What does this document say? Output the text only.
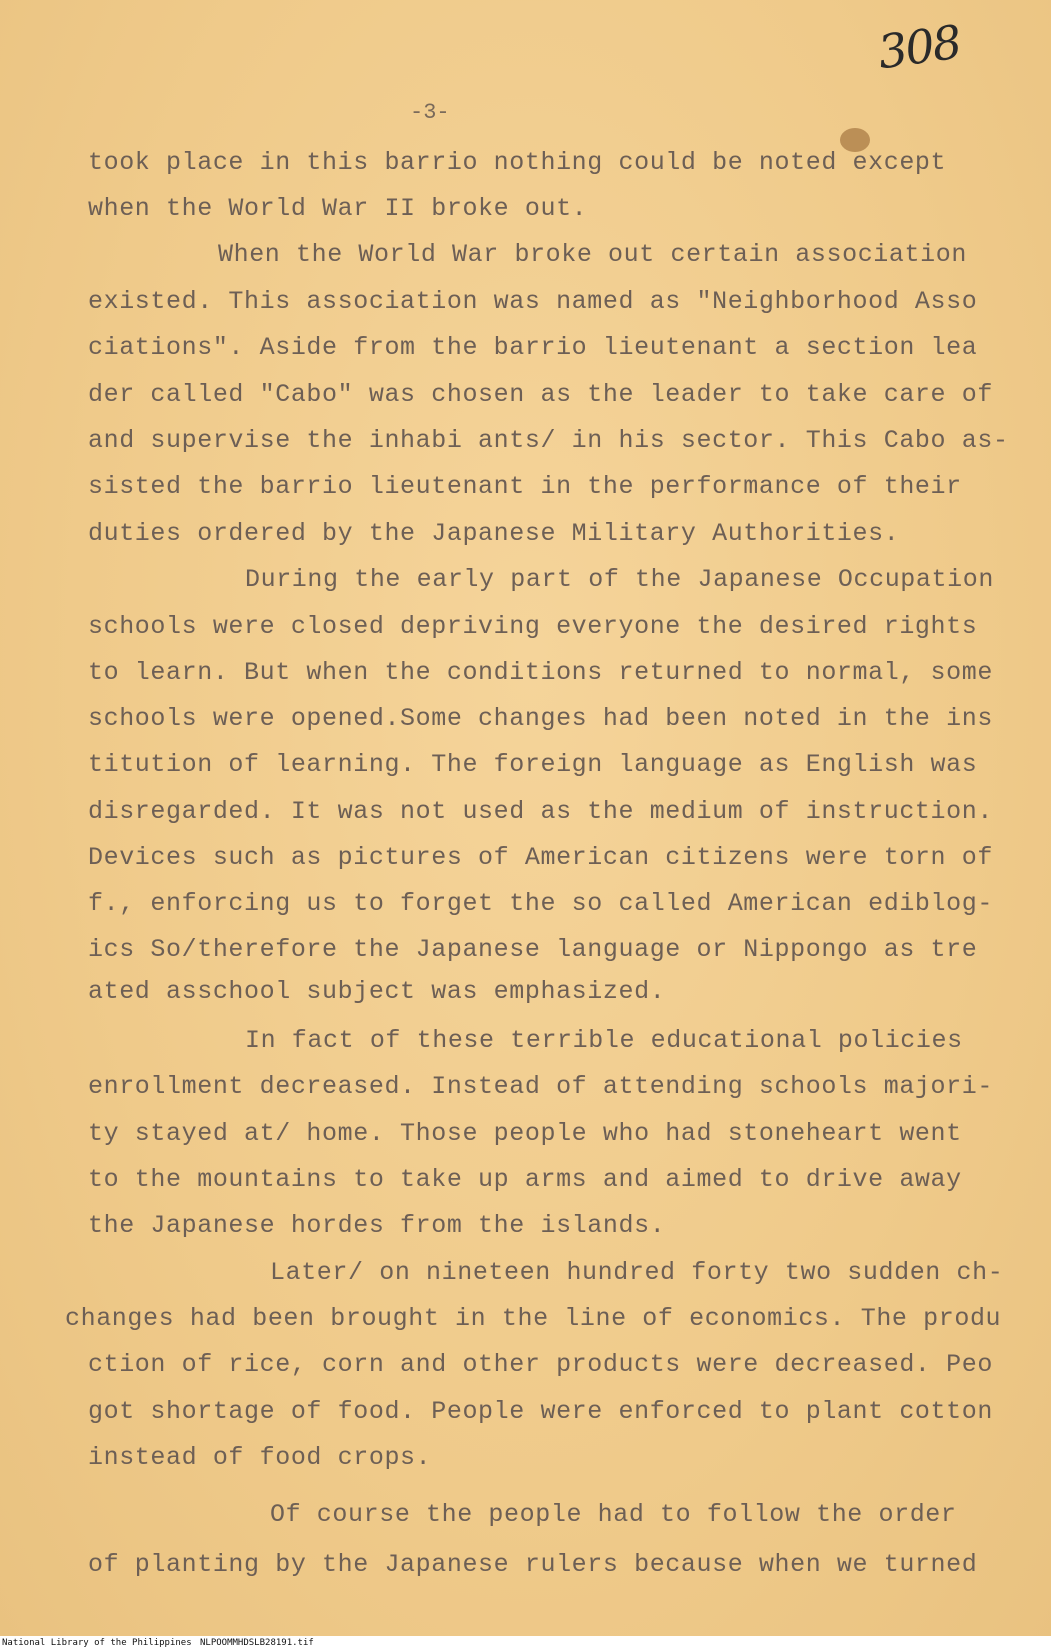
308
-3-
took place in this barrio nothing could be noted except
when the World War II broke out.
When the World War broke out certain association
existed. This association was named as "Neighborhood Asso
ciations". Aside from the barrio lieutenant a section lea
der called "Cabo" was chosen as the leader to take care of
and supervise the inhabi ants/ in his sector. This Cabo as-
sisted the barrio lieutenant in the performance of their
duties ordered by the Japanese Military Authorities.
During the early part of the Japanese Occupation
schools were closed depriving everyone the desired rights
to learn. But when the conditions returned to normal, some
schools were opened.Some changes had been noted in the ins
titution of learning. The foreign language as English was
disregarded. It was not used as the medium of instruction.
Devices such as pictures of American citizens were torn of
f., enforcing us to forget the so called American ediblog-
ics So/therefore the Japanese language or Nippongo as tre
ated asschool subject was emphasized.
In fact of these terrible educational policies
enrollment decreased. Instead of attending schools majori-
ty stayed at/ home. Those people who had stoneheart went
to the mountains to take up arms and aimed to drive away
the Japanese hordes from the islands.
Later/ on nineteen hundred forty two sudden ch-
changes had been brought in the line of economics. The produ
ction of rice, corn and other products were decreased. Peo
got shortage of food. People were enforced to plant cotton
instead of food crops.
Of course the people had to follow the order
of planting by the Japanese rulers because when we turned
National Library of the Philippines NLPOOMMHDSLB28191.tif
